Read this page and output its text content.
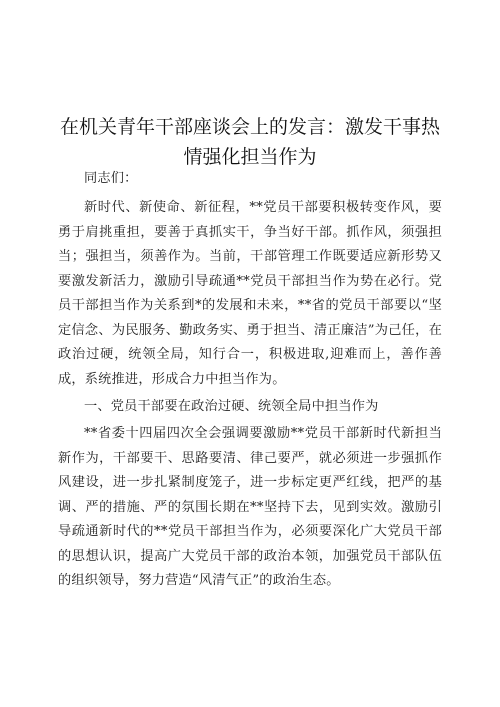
在机关青年干部座谈会上的发言：激发干事热
情强化担当作为
同志们：
新时代、新使命、新征程，**党员干部要积极转变作风，要勇于肩挑重担，要善于真抓实干，争当好干部。抓作风，须强担当；强担当，须善作为。当前，干部管理工作既要适应新形势又要激发新活力，激励引导疏通**党员干部担当作为势在必行。党员干部担当作为关系到*的发展和未来，**省的党员干部要以“坚定信念、为民服务、勤政务实、勇于担当、清正廉洁”为己任，在政治过硬，统领全局，知行合一，积极进取,迎难而上，善作善成，系统推进，形成合力中担当作为。
一、党员干部要在政治过硬、统领全局中担当作为
**省委十四届四次全会强调要激励**党员干部新时代新担当新作为，干部要干、思路要清、律己要严，就必须进一步强抓作风建设，进一步扎紧制度笼子，进一步标定更严红线，把严的基调、严的措施、严的氛围长期在**坚持下去，见到实效。激励引导疏通新时代的**党员干部担当作为，必须要深化广大党员干部的思想认识，提高广大党员干部的政治本领，加强党员干部队伍的组织领导，努力营造“风清气正”的政治生态。
